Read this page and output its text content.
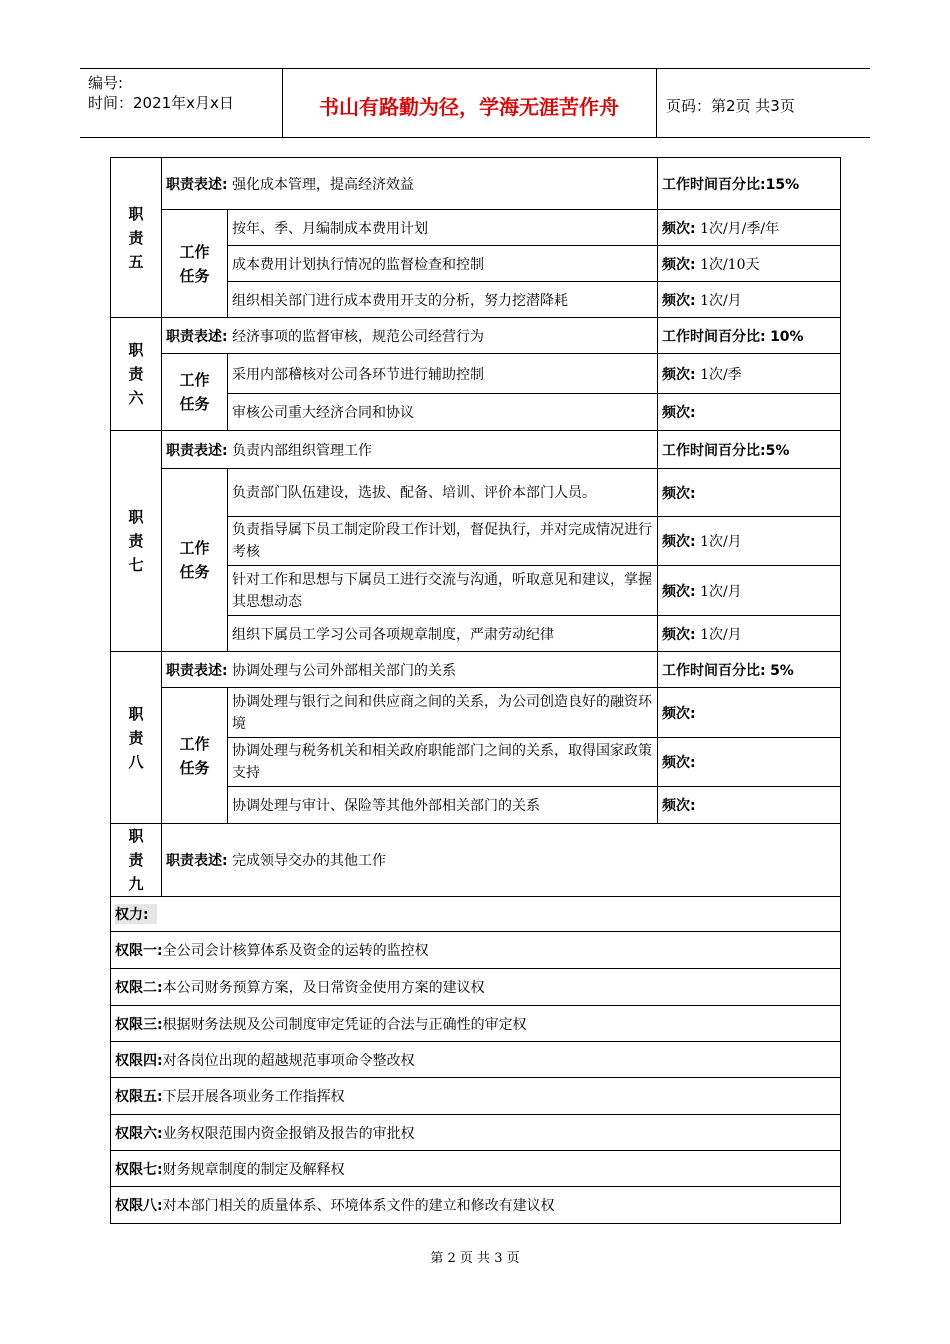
编号:
时间：2021年x月x日	书山有路勤为径，学海无涯苦作舟	页码：第2页 共3页
职责五	职责表述: 强化成本管理，提高经济效益		工作时间百分比:15%

	工作任务	按年、季、月编制成本费用计划	频次: 1次/月/季/年
		成本费用计划执行情况的监督检查和控制	频次: 1次/10天
		组织相关部门进行成本费用开支的分析，努力挖潜降耗	频次: 1次/月

职责六	职责表述: 经济事项的监督审核，规范公司经营行为		工作时间百分比: 10%

	工作任务	采用内部稽核对公司各环节进行辅助控制	频次: 1次/季
		审核公司重大经济合同和协议	频次:

职责七	职责表述: 负责内部组织管理工作		工作时间百分比:5%

	工作任务	负责部门队伍建设，选拔、配备、培训、评价本部门人员。	频次:
		负责指导属下员工制定阶段工作计划，督促执行，并对完成情况进行考核	频次: 1次/月
		针对工作和思想与下属员工进行交流与沟通，听取意见和建议，掌握其思想动态	频次: 1次/月
		组织下属员工学习公司各项规章制度，严肃劳动纪律	频次: 1次/月

职责八	职责表述: 协调处理与公司外部相关部门的关系		工作时间百分比: 5%

	工作任务	协调处理与银行之间和供应商之间的关系，为公司创造良好的融资环境	频次:
		协调处理与税务机关和相关政府职能部门之间的关系，取得国家政策支持	频次:
		协调处理与审计、保险等其他外部相关部门的关系	频次:

职责九	职责表述: 完成领导交办的其他工作		
权力:			
权限一:全公司会计核算体系及资金的运转的监控权			
权限二:本公司财务预算方案，及日常资金使用方案的建议权			
权限三:根据财务法规及公司制度审定凭证的合法与正确性的审定权			
权限四:对各岗位出现的超越规范事项命令整改权			
权限五:下层开展各项业务工作指挥权			
权限六:业务权限范围内资金报销及报告的审批权			
权限七:财务规章制度的制定及解释权			
权限八:对本部门相关的质量体系、环境体系文件的建立和修改有建议权			
第 2 页 共 3 页
